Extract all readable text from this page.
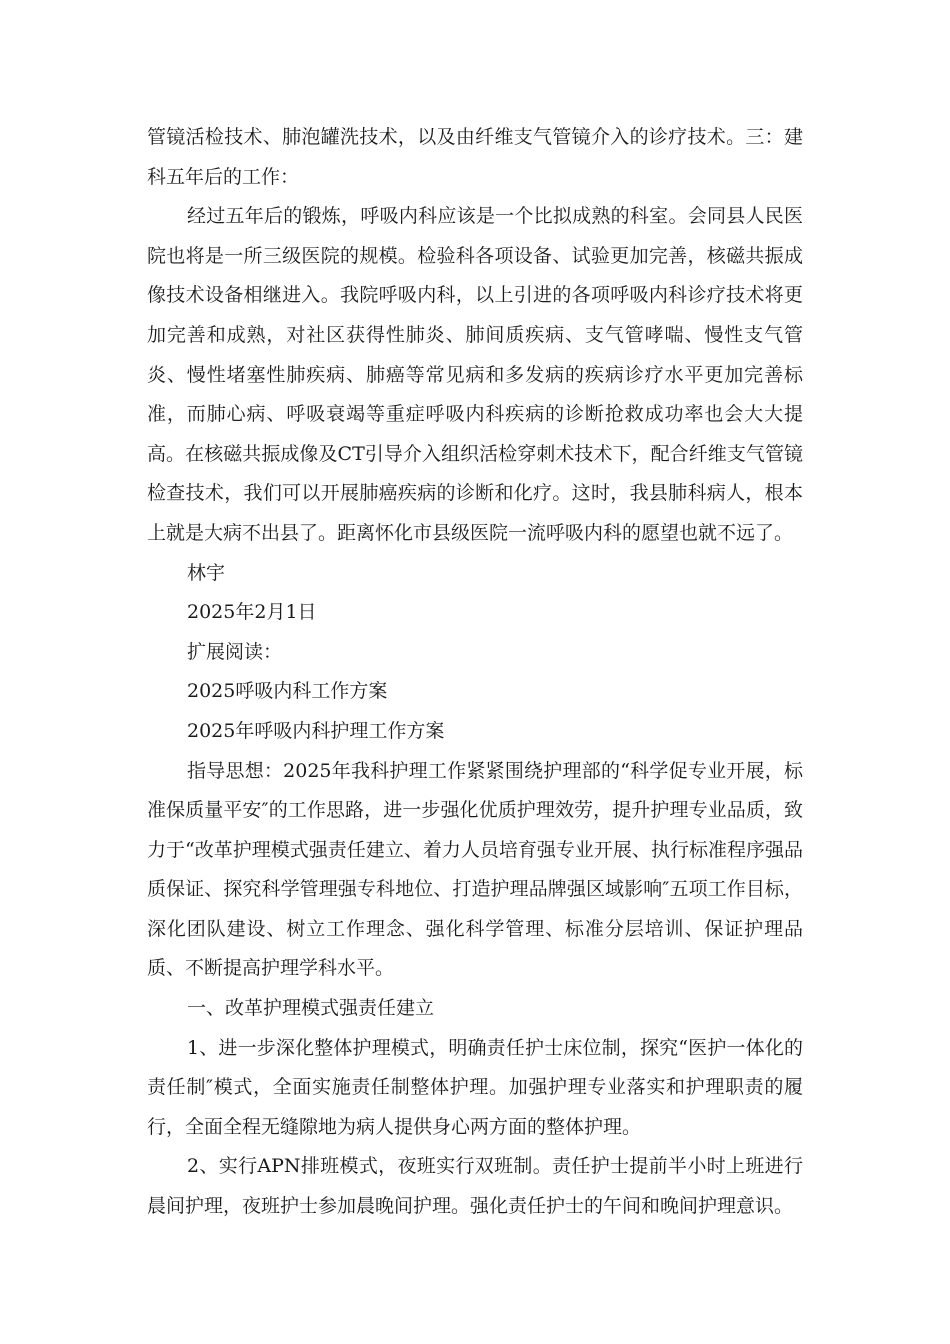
管镜活检技术、肺泡罐洗技术，以及由纤维支气管镜介入的诊疗技术。三：建科五年后的工作：

经过五年后的锻炼，呼吸内科应该是一个比拟成熟的科室。会同县人民医院也将是一所三级医院的规模。检验科各项设备、试验更加完善，核磁共振成像技术设备相继进入。我院呼吸内科，以上引进的各项呼吸内科诊疗技术将更加完善和成熟，对社区获得性肺炎、肺间质疾病、支气管哮喘、慢性支气管炎、慢性堵塞性肺疾病、肺癌等常见病和多发病的疾病诊疗水平更加完善标准，而肺心病、呼吸衰竭等重症呼吸内科疾病的诊断抢救成功率也会大大提高。在核磁共振成像及CT引导介入组织活检穿刺术技术下，配合纤维支气管镜检查技术，我们可以开展肺癌疾病的诊断和化疗。这时，我县肺科病人，根本上就是大病不出县了。距离怀化市县级医院一流呼吸内科的愿望也就不远了。

林宇

2025年2月1日

扩展阅读：

2025呼吸内科工作方案

2025年呼吸内科护理工作方案

指导思想：2025年我科护理工作紧紧围绕护理部的“科学促专业开展，标准保质量平安″的工作思路，进一步强化优质护理效劳，提升护理专业品质，致力于“改革护理模式强责任建立、着力人员培育强专业开展、执行标准程序强品质保证、探究科学管理强专科地位、打造护理品牌强区域影响″五项工作目标，深化团队建设、树立工作理念、强化科学管理、标准分层培训、保证护理品质、不断提高护理学科水平。

一、改革护理模式强责任建立

1、进一步深化整体护理模式，明确责任护士床位制，探究“医护一体化的责任制″模式，全面实施责任制整体护理。加强护理专业落实和护理职责的履行，全面全程无缝隙地为病人提供身心两方面的整体护理。

2、实行APN排班模式，夜班实行双班制。责任护士提前半小时上班进行晨间护理，夜班护士参加晨晚间护理。强化责任护士的午间和晚间护理意识。
